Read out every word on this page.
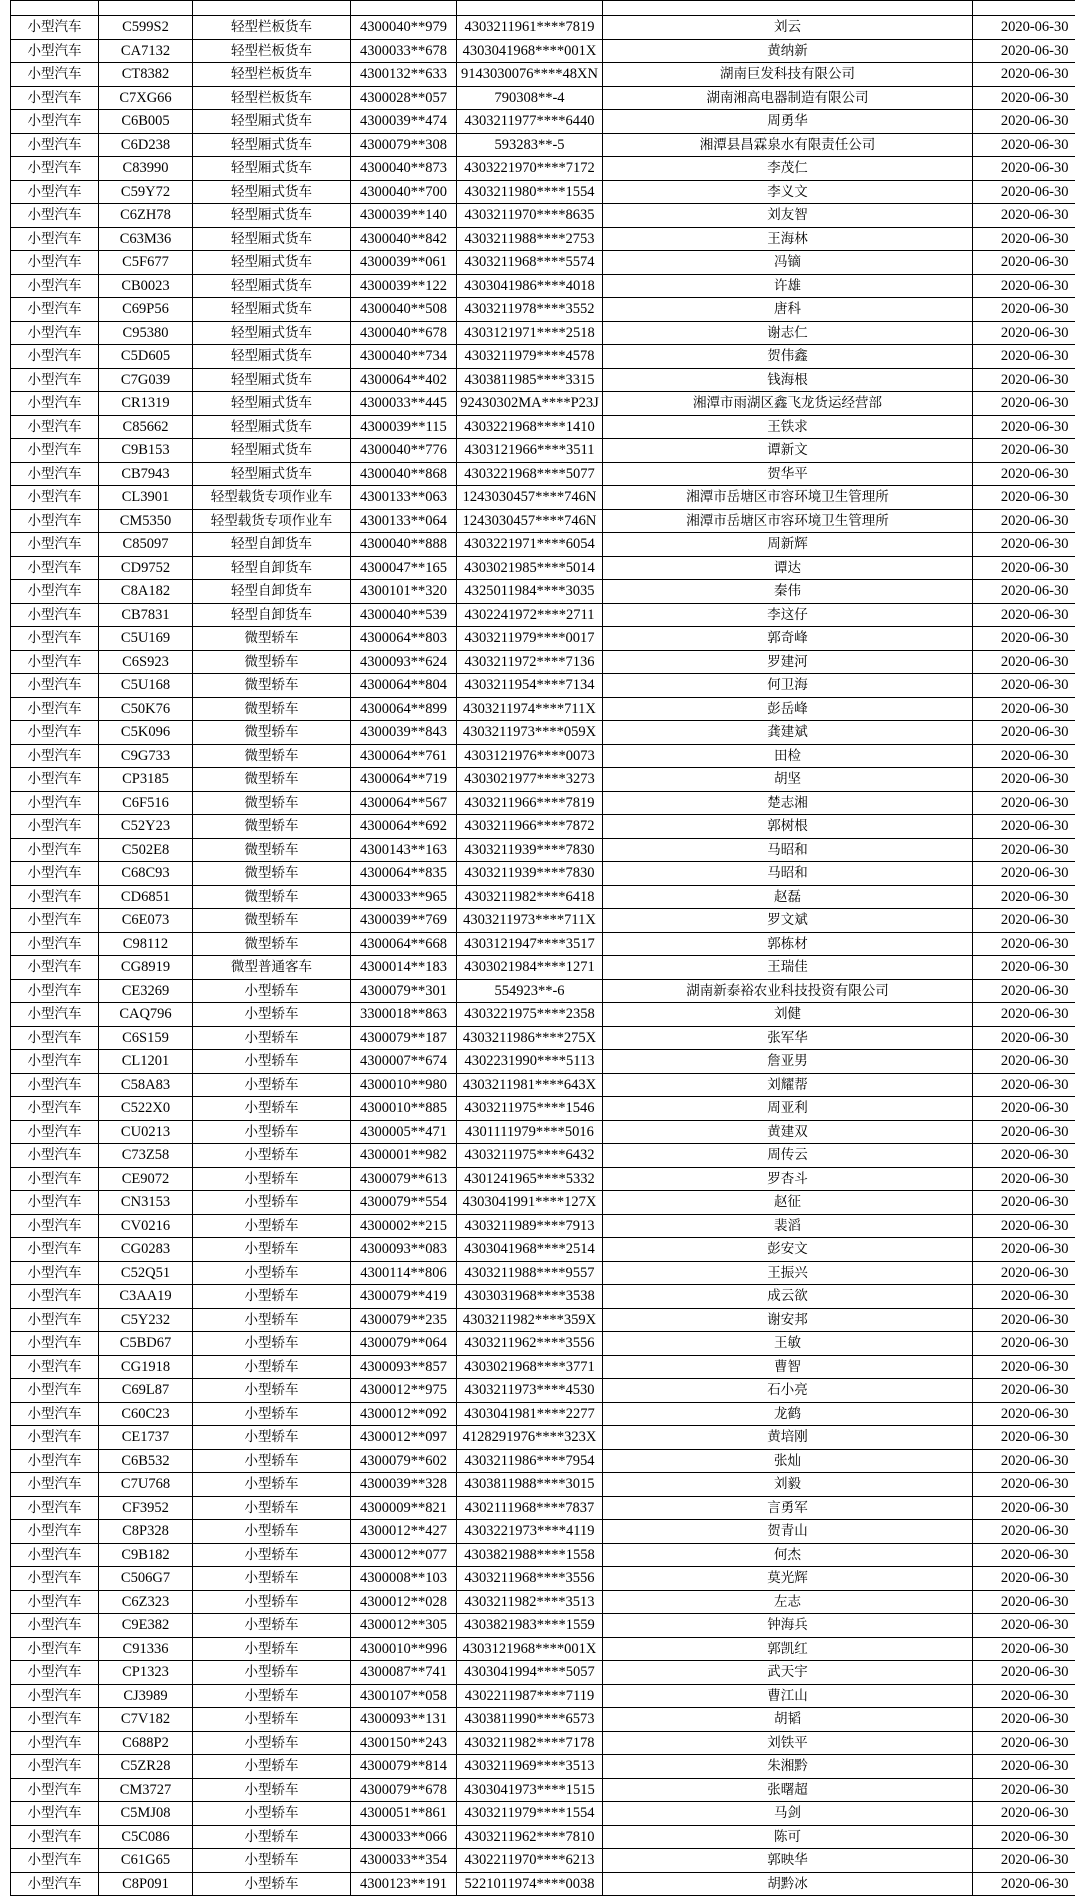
小型汽车	C599S2	轻型栏板货车	4300040**979	4303211961****7819	刘云	2020-06-30
小型汽车	CA7132	轻型栏板货车	4300033**678	4303041968****001X	黄纳新	2020-06-30
小型汽车	CT8382	轻型栏板货车	4300132**633	9143030076****48XN	湖南巨发科技有限公司	2020-06-30
小型汽车	C7XG66	轻型栏板货车	4300028**057	790308**-4	湖南湘高电器制造有限公司	2020-06-30
小型汽车	C6B005	轻型厢式货车	4300039**474	4303211977****6440	周勇华	2020-06-30
小型汽车	C6D238	轻型厢式货车	4300079**308	593283**-5	湘潭县昌霖泉水有限责任公司	2020-06-30
小型汽车	C83990	轻型厢式货车	4300040**873	4303221970****7172	李茂仁	2020-06-30
小型汽车	C59Y72	轻型厢式货车	4300040**700	4303211980****1554	李义文	2020-06-30
小型汽车	C6ZH78	轻型厢式货车	4300039**140	4303211970****8635	刘友智	2020-06-30
小型汽车	C63M36	轻型厢式货车	4300040**842	4303211988****2753	王海林	2020-06-30
小型汽车	C5F677	轻型厢式货车	4300039**061	4303211968****5574	冯镝	2020-06-30
小型汽车	CB0023	轻型厢式货车	4300039**122	4303041986****4018	许雄	2020-06-30
小型汽车	C69P56	轻型厢式货车	4300040**508	4303211978****3552	唐科	2020-06-30
小型汽车	C95380	轻型厢式货车	4300040**678	4303121971****2518	谢志仁	2020-06-30
小型汽车	C5D605	轻型厢式货车	4300040**734	4303211979****4578	贺伟鑫	2020-06-30
小型汽车	C7G039	轻型厢式货车	4300064**402	4303811985****3315	钱海根	2020-06-30
小型汽车	CR1319	轻型厢式货车	4300033**445	92430302MA****P23J	湘潭市雨湖区鑫飞龙货运经营部	2020-06-30
小型汽车	C85662	轻型厢式货车	4300039**115	4303221968****1410	王铁求	2020-06-30
小型汽车	C9B153	轻型厢式货车	4300040**776	4303121966****3511	谭新文	2020-06-30
小型汽车	CB7943	轻型厢式货车	4300040**868	4303221968****5077	贺华平	2020-06-30
小型汽车	CL3901	轻型载货专项作业车	4300133**063	1243030457****746N	湘潭市岳塘区市容环境卫生管理所	2020-06-30
小型汽车	CM5350	轻型载货专项作业车	4300133**064	1243030457****746N	湘潭市岳塘区市容环境卫生管理所	2020-06-30
小型汽车	C85097	轻型自卸货车	4300040**888	4303221971****6054	周新辉	2020-06-30
小型汽车	CD9752	轻型自卸货车	4300047**165	4303021985****5014	谭达	2020-06-30
小型汽车	C8A182	轻型自卸货车	4300101**320	4325011984****3035	秦伟	2020-06-30
小型汽车	CB7831	轻型自卸货车	4300040**539	4302241972****2711	李这仔	2020-06-30
小型汽车	C5U169	微型轿车	4300064**803	4303211979****0017	郭奇峰	2020-06-30
小型汽车	C6S923	微型轿车	4300093**624	4303211972****7136	罗建河	2020-06-30
小型汽车	C5U168	微型轿车	4300064**804	4303211954****7134	何卫海	2020-06-30
小型汽车	C50K76	微型轿车	4300064**899	4303211974****711X	彭岳峰	2020-06-30
小型汽车	C5K096	微型轿车	4300039**843	4303211973****059X	龚建斌	2020-06-30
小型汽车	C9G733	微型轿车	4300064**761	4303121976****0073	田检	2020-06-30
小型汽车	CP3185	微型轿车	4300064**719	4303021977****3273	胡坚	2020-06-30
小型汽车	C6F516	微型轿车	4300064**567	4303211966****7819	楚志湘	2020-06-30
小型汽车	C52Y23	微型轿车	4300064**692	4303211966****7872	郭树根	2020-06-30
小型汽车	C502E8	微型轿车	4300143**163	4303211939****7830	马昭和	2020-06-30
小型汽车	C68C93	微型轿车	4300064**835	4303211939****7830	马昭和	2020-06-30
小型汽车	CD6851	微型轿车	4300033**965	4303211982****6418	赵磊	2020-06-30
小型汽车	C6E073	微型轿车	4300039**769	4303211973****711X	罗文斌	2020-06-30
小型汽车	C98112	微型轿车	4300064**668	4303121947****3517	郭栋材	2020-06-30
小型汽车	CG8919	微型普通客车	4300014**183	4303021984****1271	王瑞佳	2020-06-30
小型汽车	CE3269	小型轿车	4300079**301	554923**-6	湖南新泰裕农业科技投资有限公司	2020-06-30
小型汽车	CAQ796	小型轿车	3300018**863	4303221975****2358	刘健	2020-06-30
小型汽车	C6S159	小型轿车	4300079**187	4303211986****275X	张军华	2020-06-30
小型汽车	CL1201	小型轿车	4300007**674	4302231990****5113	詹亚男	2020-06-30
小型汽车	C58A83	小型轿车	4300010**980	4303211981****643X	刘耀帮	2020-06-30
小型汽车	C522X0	小型轿车	4300010**885	4303211975****1546	周亚利	2020-06-30
小型汽车	CU0213	小型轿车	4300005**471	4301111979****5016	黄建双	2020-06-30
小型汽车	C73Z58	小型轿车	4300001**982	4303211975****6432	周传云	2020-06-30
小型汽车	CE9072	小型轿车	4300079**613	4301241965****5332	罗杏斗	2020-06-30
小型汽车	CN3153	小型轿车	4300079**554	4303041991****127X	赵征	2020-06-30
小型汽车	CV0216	小型轿车	4300002**215	4303211989****7913	裴滔	2020-06-30
小型汽车	CG0283	小型轿车	4300093**083	4303041968****2514	彭安文	2020-06-30
小型汽车	C52Q51	小型轿车	4300114**806	4303211988****9557	王振兴	2020-06-30
小型汽车	C3AA19	小型轿车	4300079**419	4303031968****3538	成云欲	2020-06-30
小型汽车	C5Y232	小型轿车	4300079**235	4303211982****359X	谢安邦	2020-06-30
小型汽车	C5BD67	小型轿车	4300079**064	4303211962****3556	王敏	2020-06-30
小型汽车	CG1918	小型轿车	4300093**857	4303021968****3771	曹智	2020-06-30
小型汽车	C69L87	小型轿车	4300012**975	4303211973****4530	石小亮	2020-06-30
小型汽车	C60C23	小型轿车	4300012**092	4303041981****2277	龙鹤	2020-06-30
小型汽车	CE1737	小型轿车	4300012**097	4128291976****323X	黄培刚	2020-06-30
小型汽车	C6B532	小型轿车	4300079**602	4303211986****7954	张灿	2020-06-30
小型汽车	C7U768	小型轿车	4300039**328	4303811988****3015	刘毅	2020-06-30
小型汽车	CF3952	小型轿车	4300009**821	4302111968****7837	言勇军	2020-06-30
小型汽车	C8P328	小型轿车	4300012**427	4303221973****4119	贺青山	2020-06-30
小型汽车	C9B182	小型轿车	4300012**077	4303821988****1558	何杰	2020-06-30
小型汽车	C506G7	小型轿车	4300008**103	4303211968****3556	莫光辉	2020-06-30
小型汽车	C6Z323	小型轿车	4300012**028	4303211982****3513	左志	2020-06-30
小型汽车	C9E382	小型轿车	4300012**305	4303821983****1559	钟海兵	2020-06-30
小型汽车	C91336	小型轿车	4300010**996	4303121968****001X	郭凯红	2020-06-30
小型汽车	CP1323	小型轿车	4300087**741	4303041994****5057	武天宇	2020-06-30
小型汽车	CJ3989	小型轿车	4300107**058	4302211987****7119	曹江山	2020-06-30
小型汽车	C7V182	小型轿车	4300093**131	4303811990****6573	胡韬	2020-06-30
小型汽车	C688P2	小型轿车	4300150**243	4303211982****7178	刘铁平	2020-06-30
小型汽车	C5ZR28	小型轿车	4300079**814	4303211969****3513	朱湘黔	2020-06-30
小型汽车	CM3727	小型轿车	4300079**678	4303041973****1515	张曙超	2020-06-30
小型汽车	C5MJ08	小型轿车	4300051**861	4303211979****1554	马剑	2020-06-30
小型汽车	C5C086	小型轿车	4300033**066	4303211962****7810	陈可	2020-06-30
小型汽车	C61G65	小型轿车	4300033**354	4302211970****6213	郭映华	2020-06-30
小型汽车	C8P091	小型轿车	4300123**191	5221011974****0038	胡黔冰	2020-06-30
